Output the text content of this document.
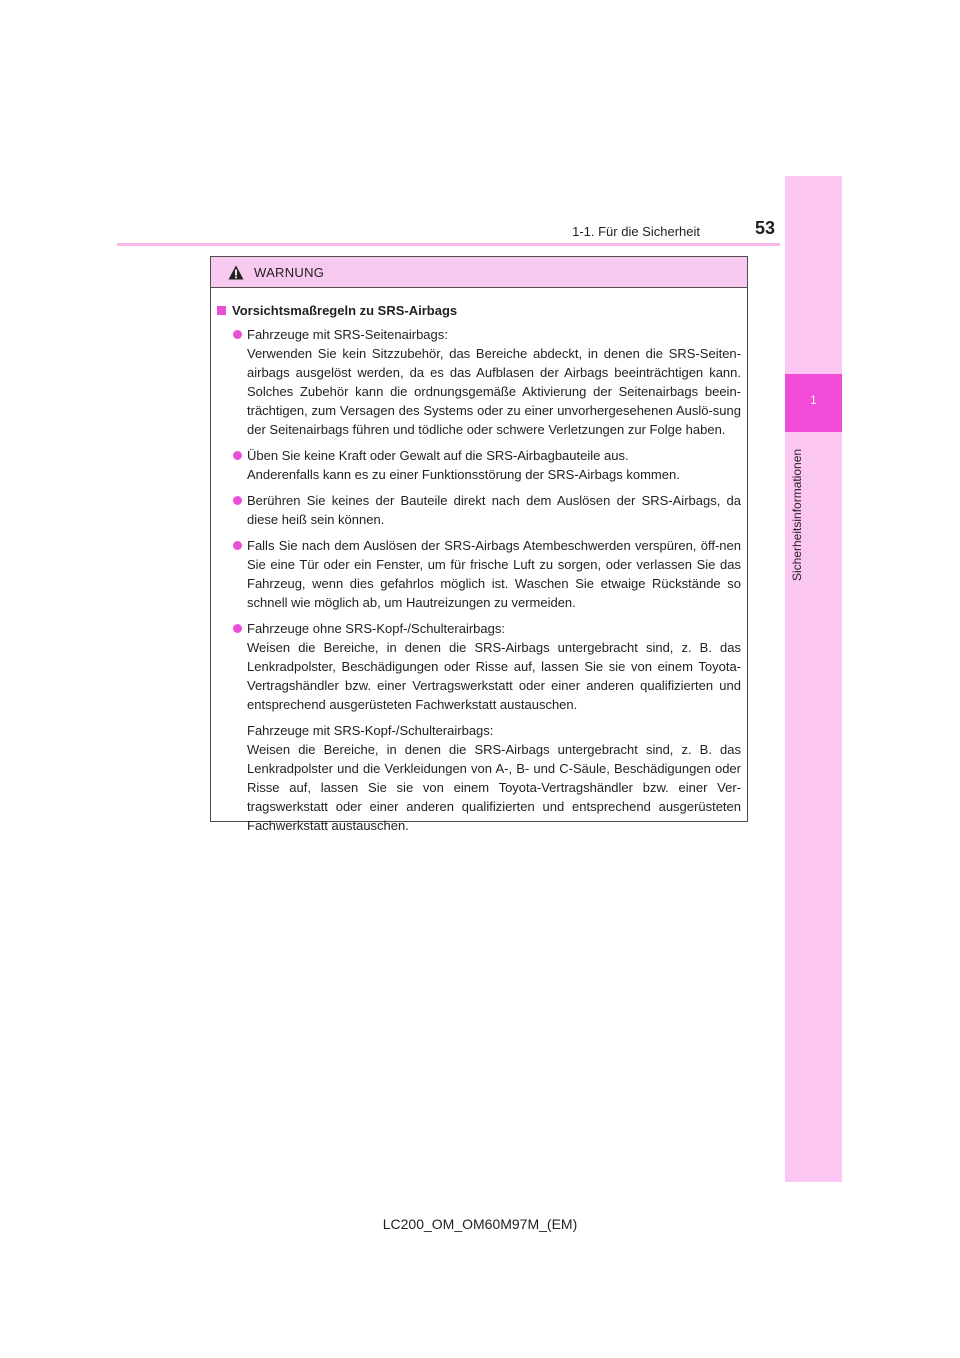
1-1. Für die Sicherheit	53
1
Sicherheitsinformationen
WARNUNG
Vorsichtsmaßregeln zu SRS-Airbags

Fahrzeuge mit SRS-Seitenairbags:

Verwenden Sie kein Sitzzubehör, das Bereiche abdeckt, in denen die SRS-Seiten-airbags ausgelöst werden, da es das Aufblasen der Airbags beeinträchtigen kann. Solches Zubehör kann die ordnungsgemäße Aktivierung der Seitenairbags beein-trächtigen, zum Versagen des Systems oder zu einer unvorhergesehenen Auslö-sung der Seitenairbags führen und tödliche oder schwere Verletzungen zur Folge haben.

Üben Sie keine Kraft oder Gewalt auf die SRS-Airbagbauteile aus.

Anderenfalls kann es zu einer Funktionsstörung der SRS-Airbags kommen.

Berühren Sie keines der Bauteile direkt nach dem Auslösen der SRS-Airbags, da diese heiß sein können.

Falls Sie nach dem Auslösen der SRS-Airbags Atembeschwerden verspüren, öff-nen Sie eine Tür oder ein Fenster, um für frische Luft zu sorgen, oder verlassen Sie das Fahrzeug, wenn dies gefahrlos möglich ist. Waschen Sie etwaige Rückstände so schnell wie möglich ab, um Hautreizungen zu vermeiden.

Fahrzeuge ohne SRS-Kopf-/Schulterairbags:

Weisen die Bereiche, in denen die SRS-Airbags untergebracht sind, z. B. das Lenkradpolster, Beschädigungen oder Risse auf, lassen Sie sie von einem Toyota-Vertragshändler bzw. einer Vertragswerkstatt oder einer anderen qualifizierten und entsprechend ausgerüsteten Fachwerkstatt austauschen.

Fahrzeuge mit SRS-Kopf-/Schulterairbags:

Weisen die Bereiche, in denen die SRS-Airbags untergebracht sind, z. B. das Lenkradpolster und die Verkleidungen von A-, B- und C-Säule, Beschädigungen oder Risse auf, lassen Sie sie von einem Toyota-Vertragshändler bzw. einer Ver-tragswerkstatt oder einer anderen qualifizierten und entsprechend ausgerüsteten Fachwerkstatt austauschen.

LC200_OM_OM60M97M_(EM)
